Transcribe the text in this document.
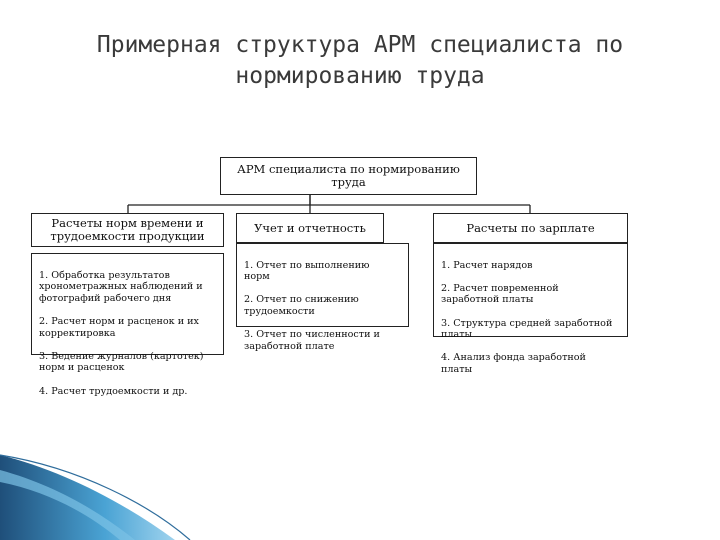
Примерная структура АРМ специалиста по
нормированию труда
АРМ специалиста по нормированию
труда
Расчеты норм времени и
трудоемкости продукции

1. Обработка результатов
хронометражных наблюдений и
фотографий рабочего дня

2. Расчет норм и расценок и их
корректировка

3. Ведение журналов (картотек)
норм и расценок

4. Расчет трудоемкости и др.

Учет и отчетность

1. Отчет по выполнению
норм

2. Отчет по снижению
трудоемкости

3. Отчет по численности и
заработной плате

Расчеты по зарплате

1. Расчет нарядов

2. Расчет повременной
заработной платы

3. Структура средней заработной
платы

4. Анализ фонда заработной
платы
